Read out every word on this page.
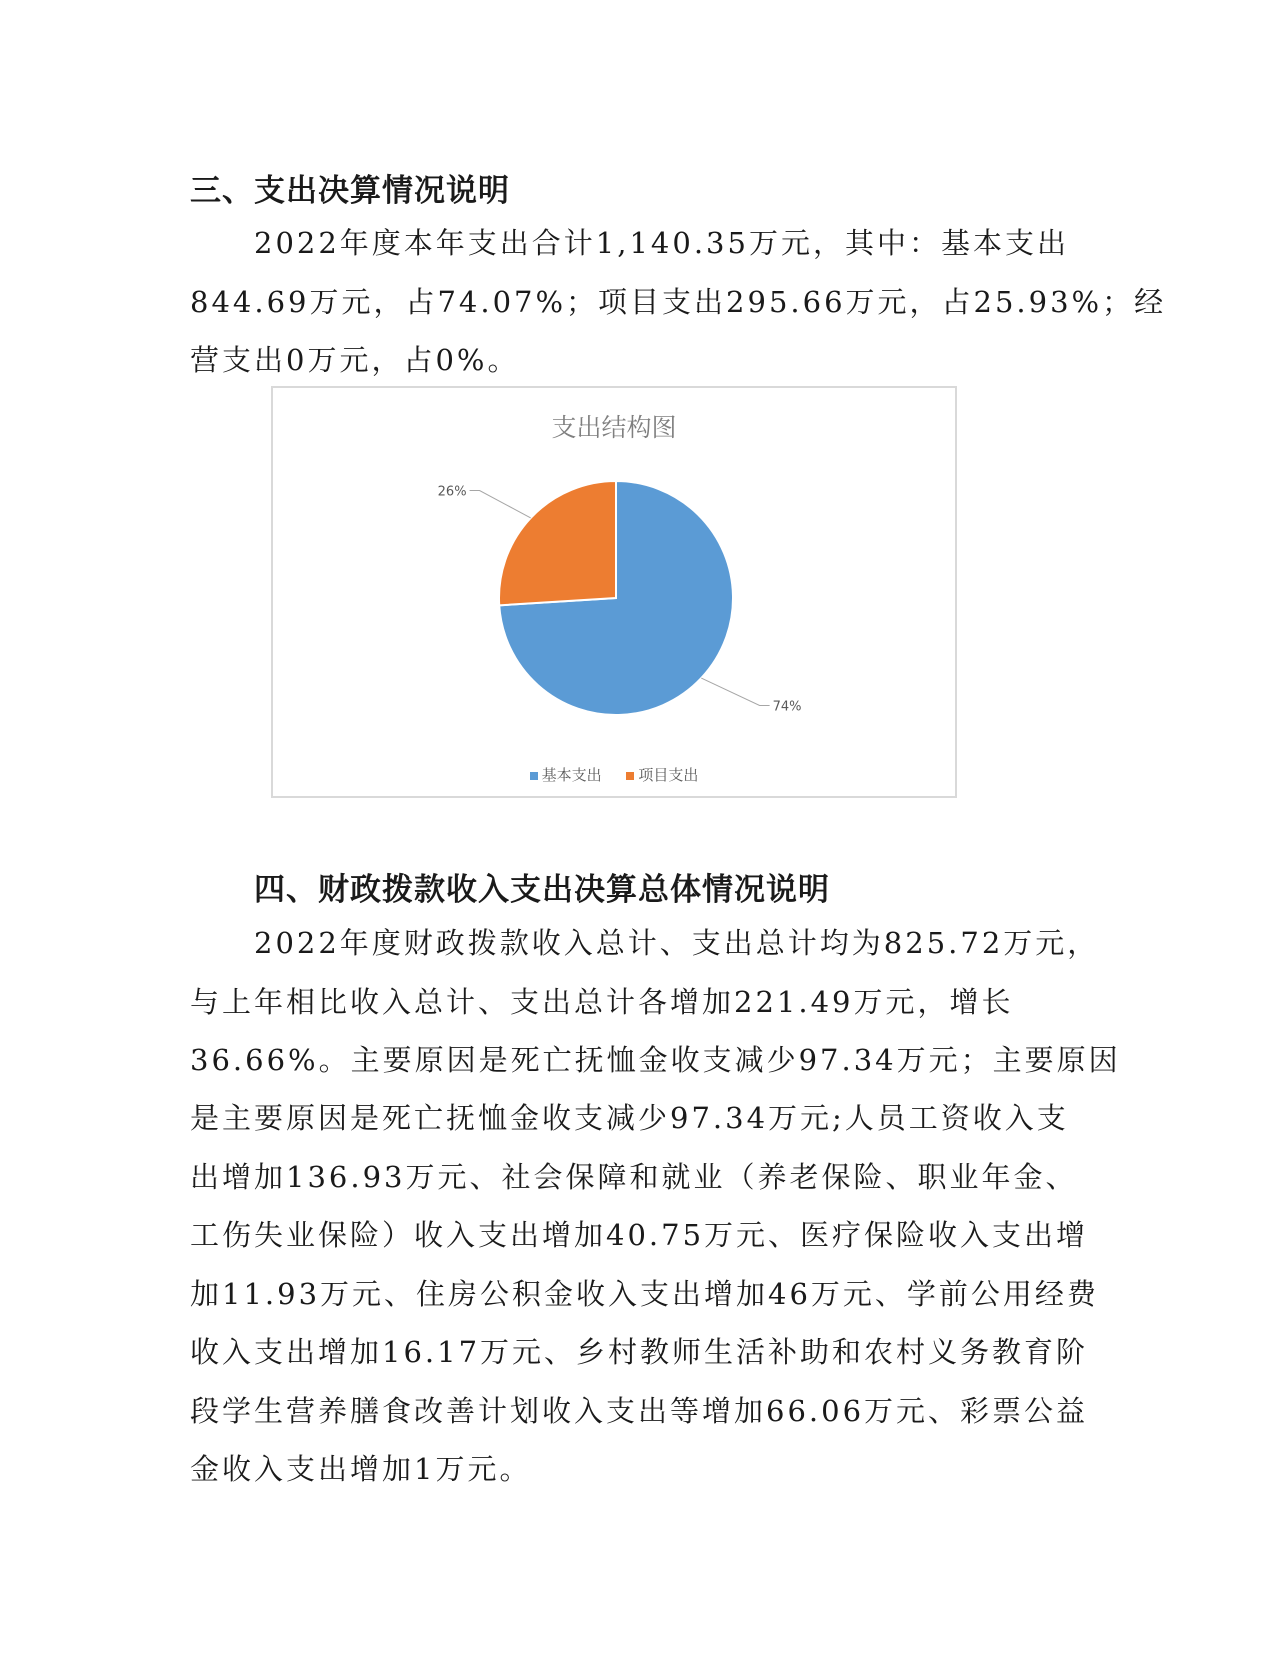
三、支出决算情况说明
2022年度本年支出合计1,140.35万元，其中：基本支出
844.69万元，占74.07%；项目支出295.66万元，占25.93%；经
营支出0万元，占0%。
支出结构图
74%
26%
基本支出 项目支出
四、财政拨款收入支出决算总体情况说明
2022年度财政拨款收入总计、支出总计均为825.72万元，
与上年相比收入总计、支出总计各增加221.49万元，增长
36.66%。主要原因是死亡抚恤金收支减少97.34万元；主要原因
是主要原因是死亡抚恤金收支减少97.34万元;人员工资收入支
出增加136.93万元、社会保障和就业（养老保险、职业年金、
工伤失业保险）收入支出增加40.75万元、医疗保险收入支出增
加11.93万元、住房公积金收入支出增加46万元、学前公用经费
收入支出增加16.17万元、乡村教师生活补助和农村义务教育阶
段学生营养膳食改善计划收入支出等增加66.06万元、彩票公益
金收入支出增加1万元。
